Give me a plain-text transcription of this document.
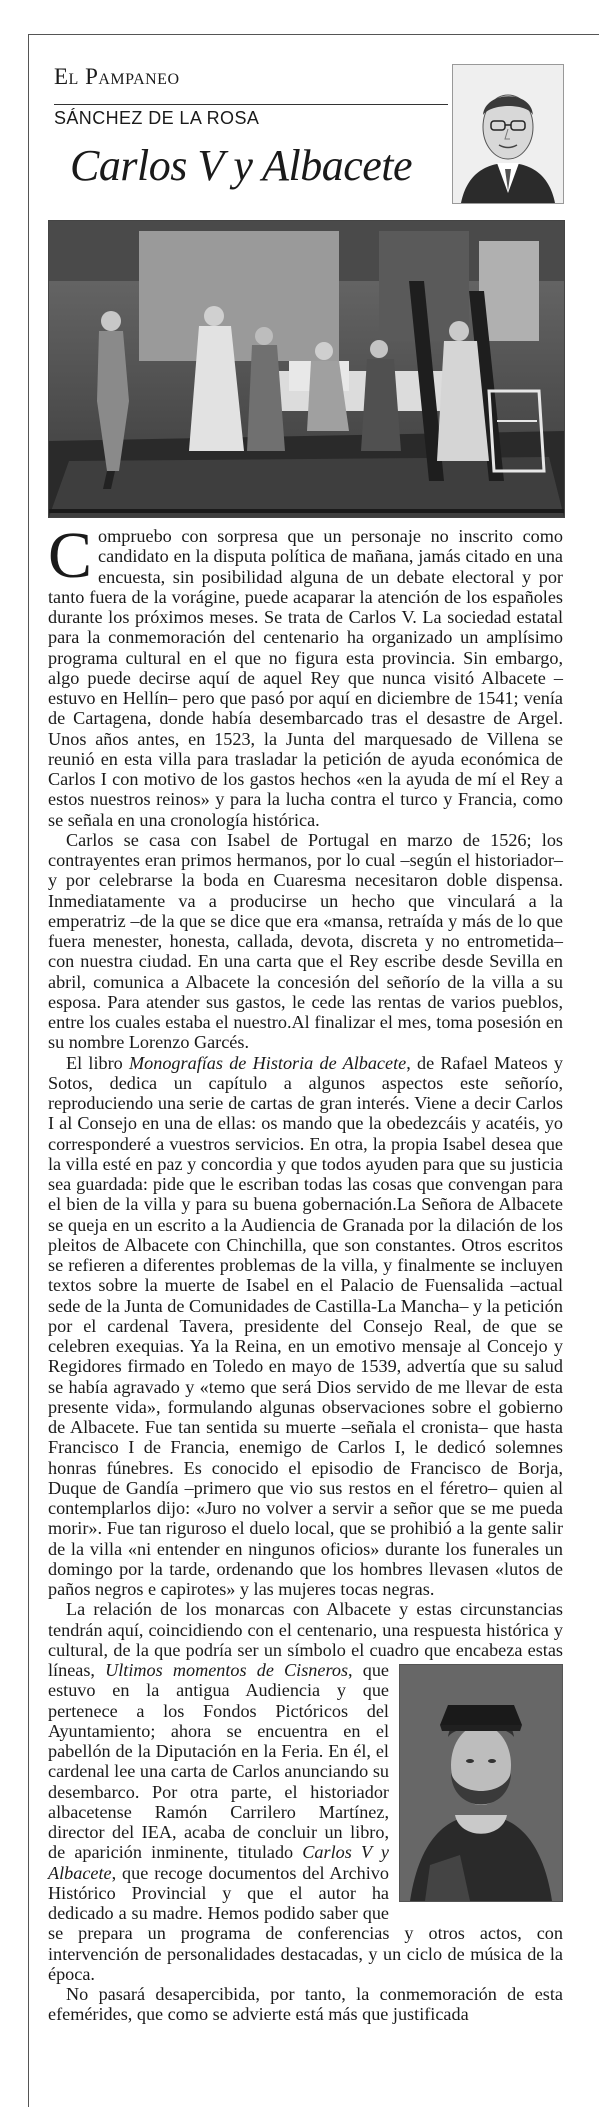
El Pampaneo
SÁNCHEZ DE LA ROSA
Carlos V y Albacete

Compruebo con sorpresa que un personaje no inscrito como candidato en la disputa política de mañana, jamás citado en una encuesta, sin posibilidad alguna de un debate electoral y por tanto fuera de la vorágine, puede acaparar la atención de los españoles durante los próximos meses. Se trata de Carlos V. La sociedad estatal para la conmemoración del centenario ha organizado un amplísimo programa cultural en el que no figura esta provincia. Sin embargo, algo puede decirse aquí de aquel Rey que nunca visitó Albacete –estuvo en Hellín– pero que pasó por aquí en diciembre de 1541; venía de Cartagena, donde había desembarcado tras el desastre de Argel. Unos años antes, en 1523, la Junta del marquesado de Villena se reunió en esta villa para trasladar la petición de ayuda económica de Carlos I con motivo de los gastos hechos «en la ayuda de mí el Rey a estos nuestros reinos» y para la lucha contra el turco y Francia, como se señala en una cronología histórica.

Carlos se casa con Isabel de Portugal en marzo de 1526; los contrayentes eran primos hermanos, por lo cual –según el historiador– y por celebrarse la boda en Cuaresma necesitaron doble dispensa. Inmediatamente va a producirse un hecho que vinculará a la emperatriz –de la que se dice que era «mansa, retraída y más de lo que fuera menester, honesta, callada, devota, discreta y no entrometida– con nuestra ciudad. En una carta que el Rey escribe desde Sevilla en abril, comunica a Albacete la concesión del señorío de la villa a su esposa. Para atender sus gastos, le cede las rentas de varios pueblos, entre los cuales estaba el nuestro.Al finalizar el mes, toma posesión en su nombre Lorenzo Garcés.

El libro Monografías de Historia de Albacete, de Rafael Mateos y Sotos, dedica un capítulo a algunos aspectos este señorío, reproduciendo una serie de cartas de gran interés. Viene a decir Carlos I al Consejo en una de ellas: os mando que la obedezcáis y acatéis, yo corresponderé a vuestros servicios. En otra, la propia Isabel desea que la villa esté en paz y concordia y que todos ayuden para que su justicia sea guardada: pide que le escriban todas las cosas que convengan para el bien de la villa y para su buena gobernación.La Señora de Albacete se queja en un escrito a la Audiencia de Granada por la dilación de los pleitos de Albacete con Chinchilla, que son constantes. Otros escritos se refieren a diferentes problemas de la villa, y finalmente se incluyen textos sobre la muerte de Isabel en el Palacio de Fuensalida –actual sede de la Junta de Comunidades de Castilla-La Mancha– y la petición por el cardenal Tavera, presidente del Consejo Real, de que se celebren exequias. Ya la Reina, en un emotivo mensaje al Concejo y Regidores firmado en Toledo en mayo de 1539, advertía que su salud se había agravado y «temo que será Dios servido de me llevar de esta presente vida», formulando algunas observaciones sobre el gobierno de Albacete. Fue tan sentida su muerte –señala el cronista– que hasta Francisco I de Francia, enemigo de Carlos I, le dedicó solemnes honras fúnebres. Es conocido el episodio de Francisco de Borja, Duque de Gandía –primero que vio sus restos en el féretro– quien al contemplarlos dijo: «Juro no volver a servir a señor que se me pueda morir». Fue tan riguroso el duelo local, que se prohibió a la gente salir de la villa «ni entender en ningunos oficios» durante los funerales un domingo por la tarde, ordenando que los hombres llevasen «lutos de paños negros e capirotes» y las mujeres tocas negras.

La relación de los monarcas con Albacete y estas circunstancias tendrán aquí, coincidiendo con el centenario, una respuesta histórica y cultural, de la que podría ser un símbolo el cuadro que encabeza estas líneas, Ultimos momentos de Cisneros
, que estuvo en la antigua Audiencia y que pertenece a los Fondos Pictóricos del Ayuntamiento; ahora se encuentra en el pabellón de la Diputación en la Feria. En él, el cardenal lee una carta de Carlos anunciando su desembarco. Por otra parte, el historiador albacetense Ramón Carrilero Martínez, director del IEA, acaba de concluir un libro, de aparición inminente, titulado Carlos V y Albacete, que recoge documentos del Archivo Histórico Provincial y que el autor ha dedicado a su madre. Hemos podido saber que se prepara un programa de conferencias y otros actos, con intervención de personalidades destacadas, y un ciclo de música de la época.

No pasará desapercibida, por tanto, la conmemoración de esta efemérides, que como se advierte está más que justificada
